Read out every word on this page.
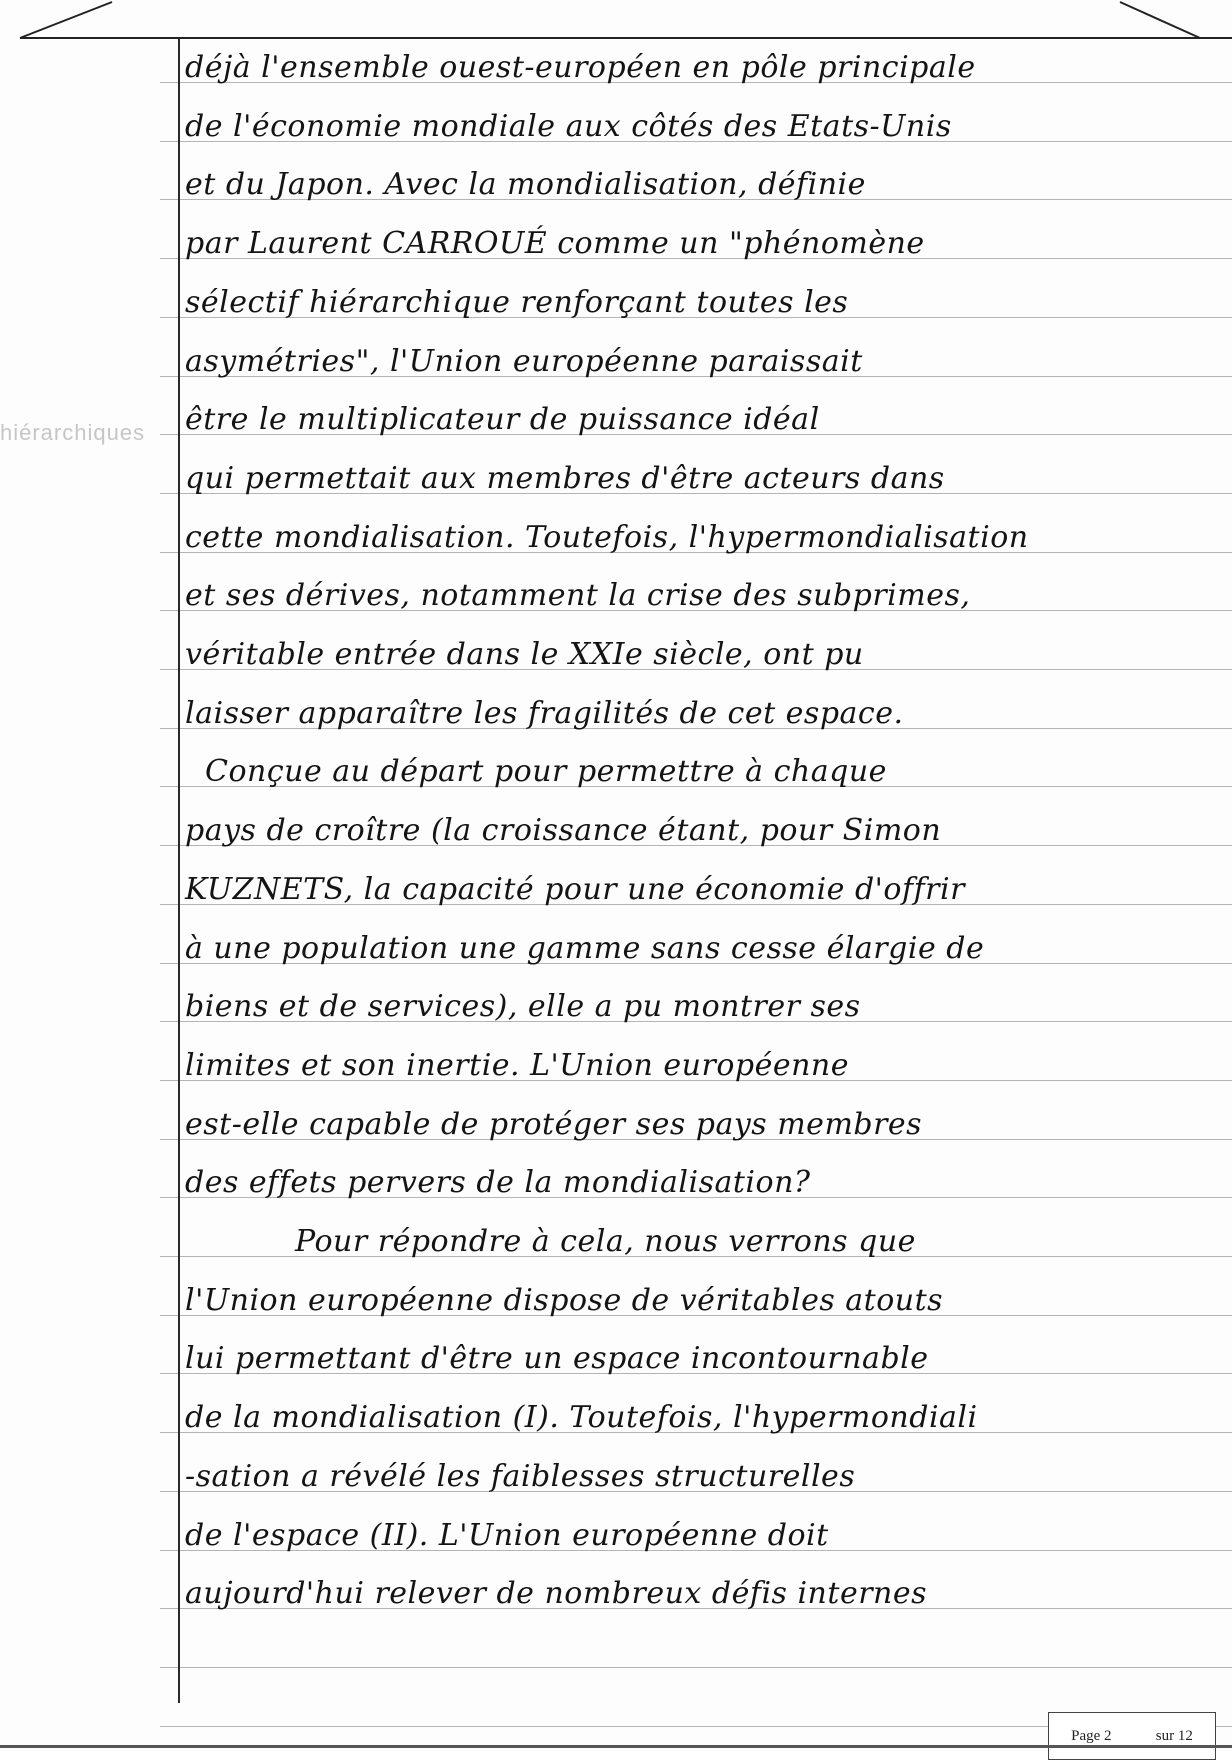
hiérarchiques
déjà l'ensemble ouest-européen en pôle principale
de l'économie mondiale aux côtés des Etats-Unis
et du Japon. Avec la mondialisation, définie
par Laurent CARROUÉ comme un "phénomène
sélectif hiérarchique renforçant toutes les
asymétries", l'Union européenne paraissait
être le multiplicateur de puissance idéal
qui permettait aux membres d'être acteurs dans
cette mondialisation. Toutefois, l'hypermondialisation
et ses dérives, notamment la crise des subprimes,
véritable entrée dans le XXIe siècle, ont pu
laisser apparaître les fragilités de cet espace.
Conçue au départ pour permettre à chaque
pays de croître (la croissance étant, pour Simon
KUZNETS, la capacité pour une économie d'offrir
à une population une gamme sans cesse élargie de
biens et de services), elle a pu montrer ses
limites et son inertie. L'Union européenne
est-elle capable de protéger ses pays membres
des effets pervers de la mondialisation?
Pour répondre à cela, nous verrons que
l'Union européenne dispose de véritables atouts
lui permettant d'être un espace incontournable
de la mondialisation (I). Toutefois, l'hypermondiali
-sation a révélé les faiblesses structurelles
de l'espace (II). L'Union européenne doit
aujourd'hui relever de nombreux défis internes
Page 2	sur 12
